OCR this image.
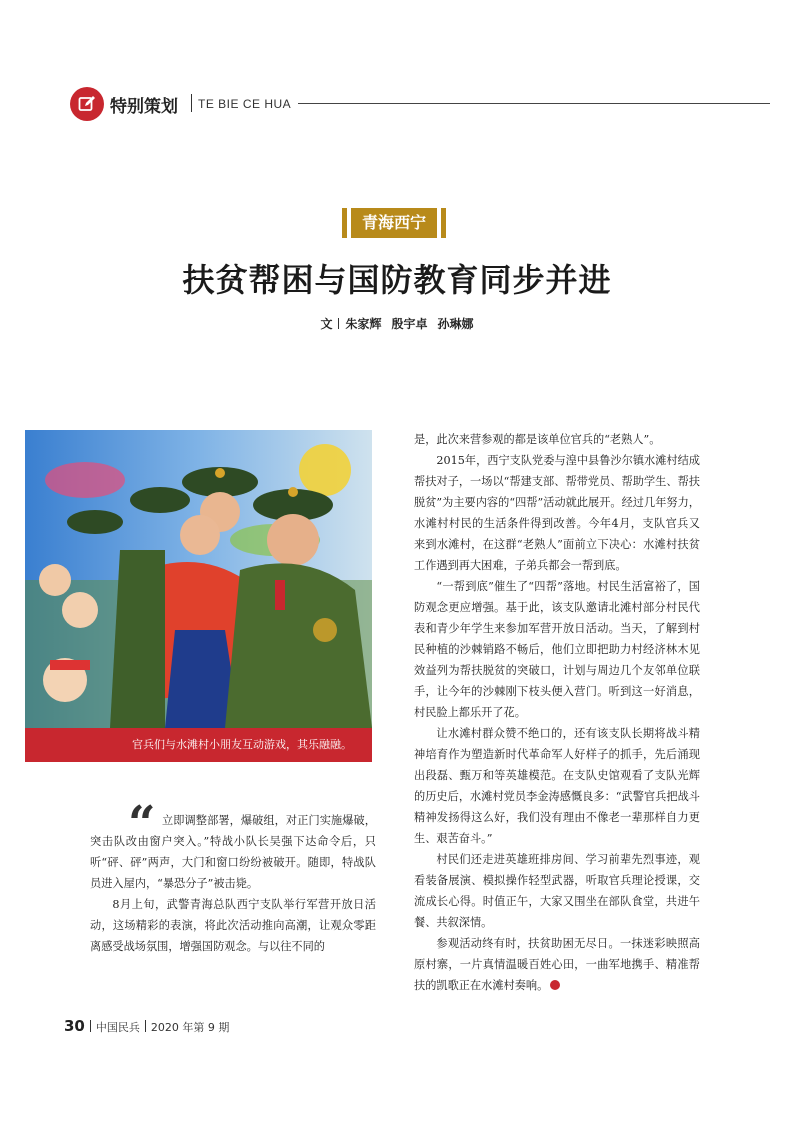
特别策划 TE BIE CE HUA
青海西宁
扶贫帮困与国防教育同步并进
文 朱家辉 殷宇卓 孙琳娜
官兵们与水滩村小朋友互动游戏，其乐融融。
“ 立即调整部署，爆破组，对正门实施爆破，突击队改由窗户突入。”特战小队长吴强下达命令后，只听“砰、砰”两声，大门和窗口纷纷被破开。随即，特战队员进入屋内，“暴恐分子”被击毙。

8月上旬，武警青海总队西宁支队举行军营开放日活动，这场精彩的表演，将此次活动推向高潮，让观众零距离感受战场氛围，增强国防观念。与以往不同的

是，此次来营参观的都是该单位官兵的“老熟人”。

2015年，西宁支队党委与湟中县鲁沙尔镇水滩村结成帮扶对子，一场以“帮建支部、帮带党员、帮助学生、帮扶脱贫”为主要内容的“四帮”活动就此展开。经过几年努力，水滩村村民的生活条件得到改善。今年4月，支队官兵又来到水滩村，在这群“老熟人”面前立下决心：水滩村扶贫工作遇到再大困难，子弟兵都会一帮到底。

“一帮到底”催生了“四帮”落地。村民生活富裕了，国防观念更应增强。基于此，该支队邀请北滩村部分村民代表和青少年学生来参加军营开放日活动。当天，了解到村民种植的沙棘销路不畅后，他们立即把助力村经济林木见效益列为帮扶脱贫的突破口，计划与周边几个友邻单位联手，让今年的沙棘刚下枝头便入营门。听到这一好消息，村民脸上都乐开了花。

让水滩村群众赞不绝口的，还有该支队长期将战斗精神培育作为塑造新时代革命军人好样子的抓手，先后涌现出段磊、甄万和等英雄模范。在支队史馆观看了支队光辉的历史后，水滩村党员李金涛感慨良多：“武警官兵把战斗精神发扬得这么好，我们没有理由不像老一辈那样自力更生、艰苦奋斗。”

村民们还走进英雄班排房间、学习前辈先烈事迹，观看装备展演、模拟操作轻型武器，听取官兵理论授课，交流成长心得。时值正午，大家又围坐在部队食堂，共进午餐、共叙深情。

参观活动终有时，扶贫助困无尽日。一抹迷彩映照高原村寨，一片真情温暖百姓心田，一曲军地携手、精准帮扶的凯歌正在水滩村奏响。

30 中国民兵 2020 年第 9 期
